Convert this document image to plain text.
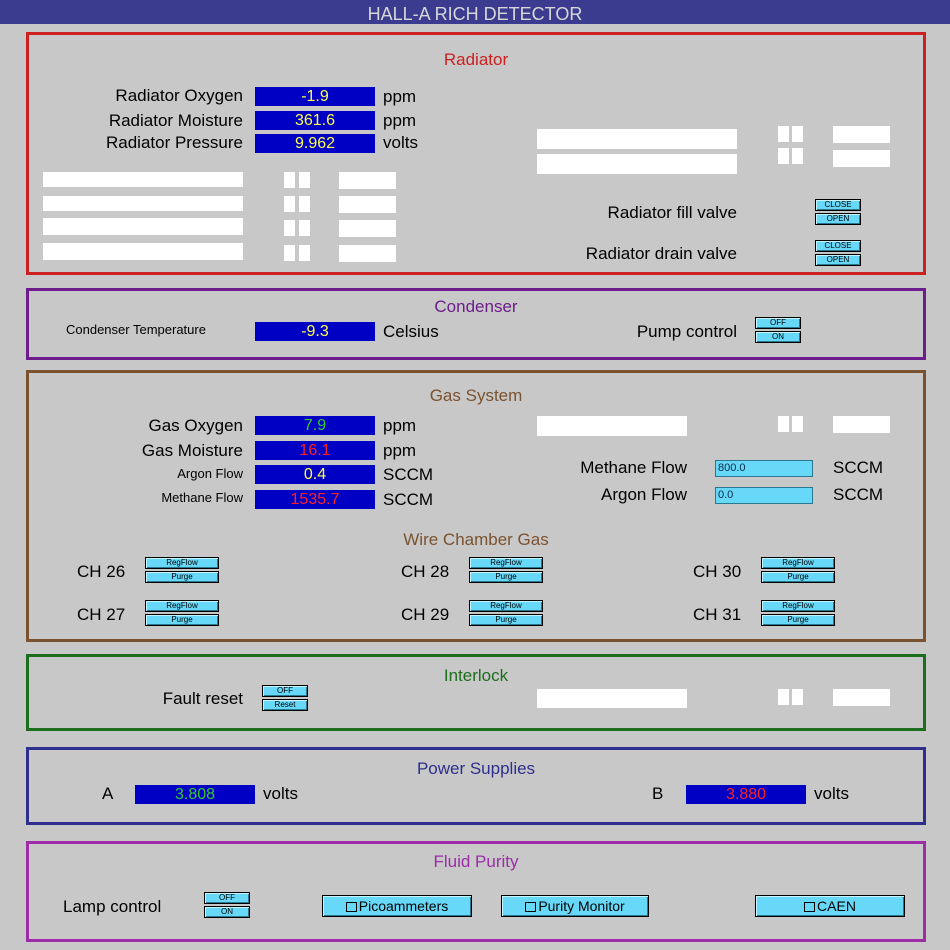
HALL-A RICH DETECTOR
Radiator
Radiator Oxygen	-1.9	ppm
Radiator Moisture	361.6	ppm
Radiator Pressure	9.962	volts
Radiator fill valve	CLOSE
OPEN
Radiator drain valve	CLOSE
OPEN
Condenser
Condenser Temperature	-9.3	Celsius	Pump control	OFF
ON
Gas System
Wire Chamber Gas
Gas Oxygen	7.9	ppm
Gas Moisture	16.1	ppm
Argon Flow	0.4	SCCM
Methane Flow	1535.7	SCCM
Methane Flow	800.0	SCCM
Argon Flow	0.0	SCCM
CH 26	RegFlow
Purge
CH 27	RegFlow
Purge
CH 28	RegFlow
Purge
CH 29	RegFlow
Purge
CH 30	RegFlow
Purge
CH 31	RegFlow
Purge
Interlock
Fault reset	OFF
Reset
Power Supplies
A	3.808	volts	B	3.880	volts
Fluid Purity
Lamp control	OFF
ON	Picoammeters	Purity Monitor	CAEN
